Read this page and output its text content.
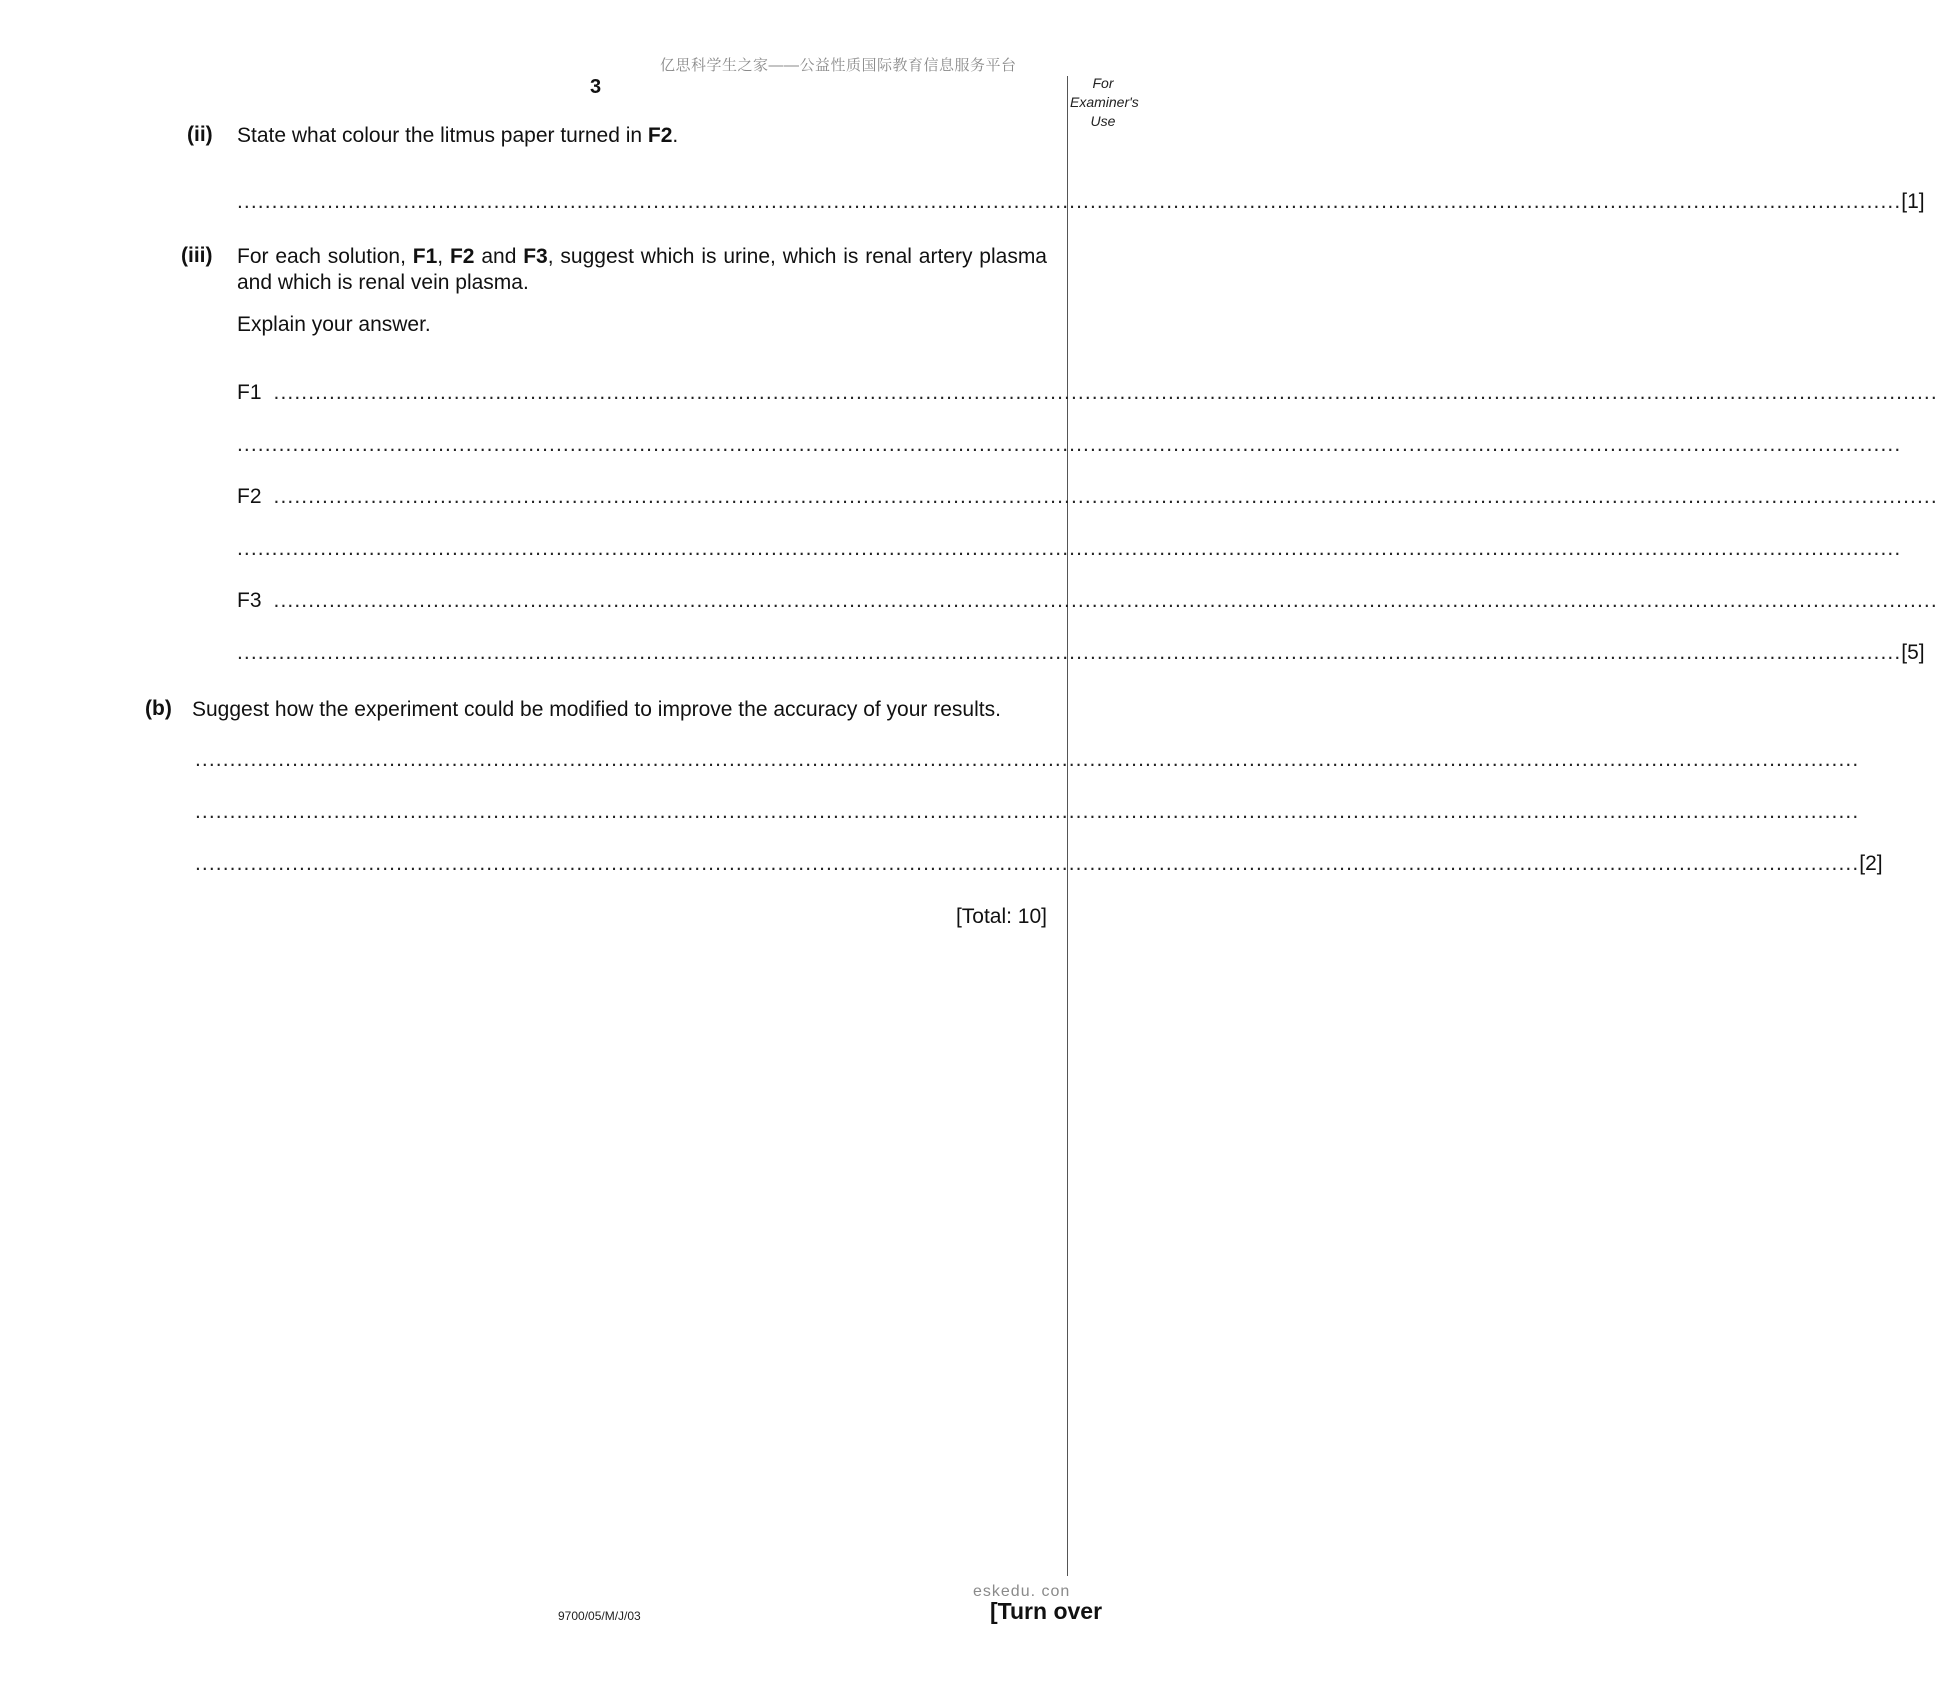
亿思科学生之家——公益性质国际教育信息服务平台
3	For
Examiner's
Use
(ii) State what colour the litmus paper turned in F2.
................................................................................................................................................................................................................................................ [1]
(iii) For each solution, F1, F2 and F3, suggest which is urine, which is renal artery plasma and which is renal vein plasma.
Explain your answer.
F1 ................................................................................................................................................................................................................................................
................................................................................................................................................................................................................................................
F2 ................................................................................................................................................................................................................................................
................................................................................................................................................................................................................................................
F3 ................................................................................................................................................................................................................................................
................................................................................................................................................................................................................................................ [5]
(b) Suggest how the experiment could be modified to improve the accuracy of your results.
................................................................................................................................................................................................................................................
................................................................................................................................................................................................................................................
................................................................................................................................................................................................................................................ [2]
[Total: 10]
eskedu. con
9700/05/M/J/03	[Turn over
